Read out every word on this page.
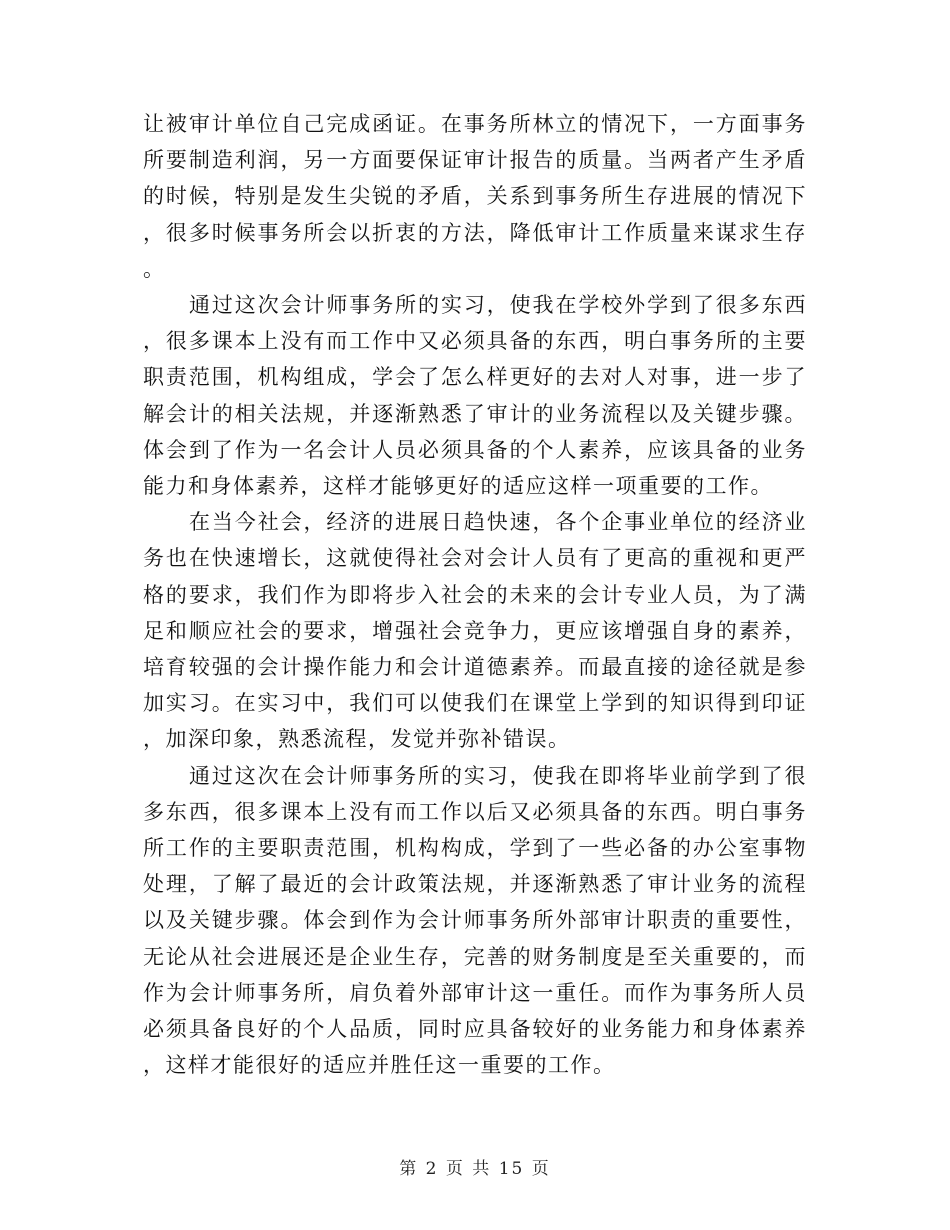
让被审计单位自己完成函证。在事务所林立的情况下，一方面事务所要制造利润，另一方面要保证审计报告的质量。当两者产生矛盾的时候，特别是发生尖锐的矛盾，关系到事务所生存进展的情况下，很多时候事务所会以折衷的方法，降低审计工作质量来谋求生存。

通过这次会计师事务所的实习，使我在学校外学到了很多东西，很多课本上没有而工作中又必须具备的东西，明白事务所的主要职责范围，机构组成，学会了怎么样更好的去对人对事，进一步了解会计的相关法规，并逐渐熟悉了审计的业务流程以及关键步骤。体会到了作为一名会计人员必须具备的个人素养，应该具备的业务能力和身体素养，这样才能够更好的适应这样一项重要的工作。

在当今社会，经济的进展日趋快速，各个企事业单位的经济业务也在快速增长，这就使得社会对会计人员有了更高的重视和更严格的要求，我们作为即将步入社会的未来的会计专业人员，为了满足和顺应社会的要求，增强社会竞争力，更应该增强自身的素养，培育较强的会计操作能力和会计道德素养。而最直接的途径就是参加实习。在实习中，我们可以使我们在课堂上学到的知识得到印证，加深印象，熟悉流程，发觉并弥补错误。

通过这次在会计师事务所的实习，使我在即将毕业前学到了很多东西，很多课本上没有而工作以后又必须具备的东西。明白事务所工作的主要职责范围，机构构成，学到了一些必备的办公室事物处理，了解了最近的会计政策法规，并逐渐熟悉了审计业务的流程以及关键步骤。体会到作为会计师事务所外部审计职责的重要性，无论从社会进展还是企业生存，完善的财务制度是至关重要的，而作为会计师事务所，肩负着外部审计这一重任。而作为事务所人员必须具备良好的个人品质，同时应具备较好的业务能力和身体素养，这样才能很好的适应并胜任这一重要的工作。

第 2 页 共 15 页
